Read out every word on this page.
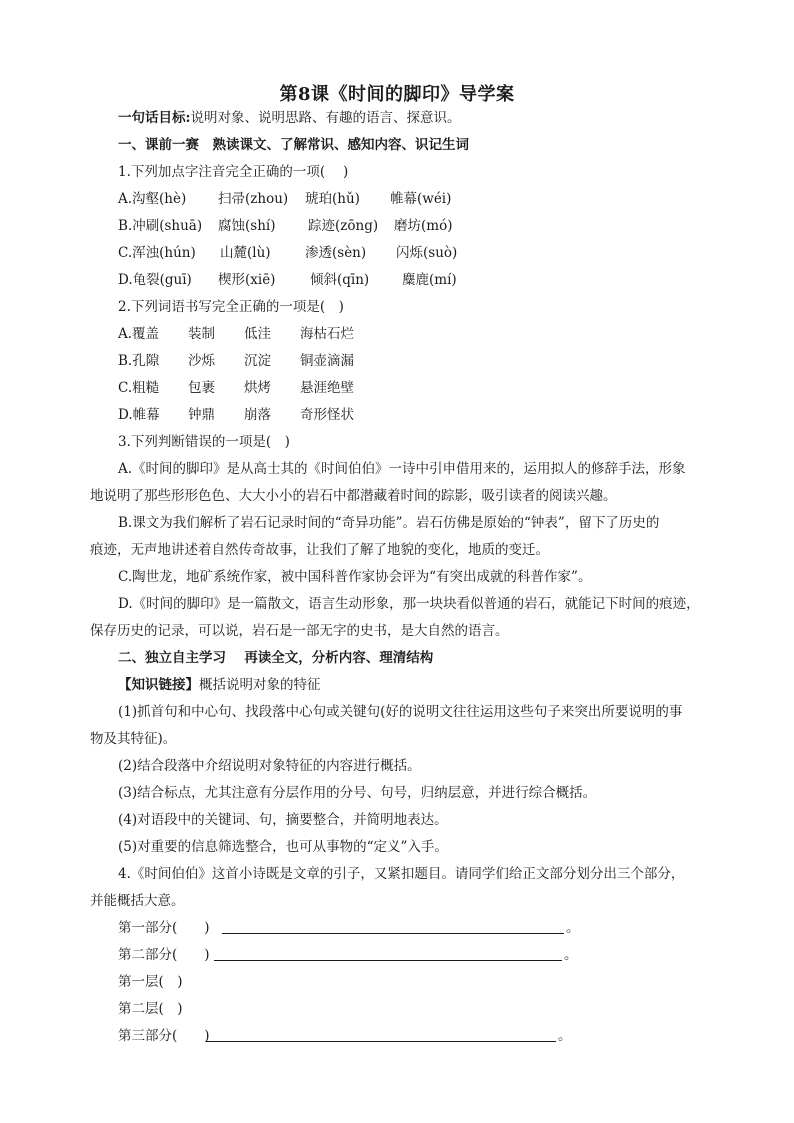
第8课《时间的脚印》导学案
一句话目标:说明对象、说明思路、有趣的语言、探意识。
一、课前一赛　熟读课文、了解常识、感知内容、识记生词
1.下列加点字注音完全正确的一项(　 )
A.沟壑(hè) 扫帚(zhou) 琥珀(hǔ) 帷幕(wéi)
B.冲刷(shuā) 腐蚀(shí) 踪迹(zōng) 磨坊(mó)
C.浑浊(hún) 山麓(lù)	渗透(sèn) 闪烁(suò)
D.龟裂(guī) 楔形(xiē)	倾斜(qīn) 麋鹿(mí)
2.下列词语书写完全正确的一项是(　)
A.覆盖 装制 低洼 海枯石烂
B.孔隙 沙烁 沉淀 铜壶滴漏
C.粗糙 包裹 烘烤 悬涯绝壁
D.帷幕 钟鼎 崩落 奇形怪状
3.下列判断错误的一项是(　)
A.《时间的脚印》是从高士其的《时间伯伯》一诗中引申借用来的，运用拟人的修辞手法，形象
地说明了那些形形色色、大大小小的岩石中都潜藏着时间的踪影，吸引读者的阅读兴趣。
B.课文为我们解析了岩石记录时间的“奇异功能”。岩石仿佛是原始的“钟表”，留下了历史的
痕迹，无声地讲述着自然传奇故事，让我们了解了地貌的变化，地质的变迁。
C.陶世龙，地矿系统作家，被中国科普作家协会评为“有突出成就的科普作家”。
D.《时间的脚印》是一篇散文，语言生动形象，那一块块看似普通的岩石，就能记下时间的痕迹，
保存历史的记录，可以说，岩石是一部无字的史书，是大自然的语言。
二、独立自主学习　 再读全文，分析内容、理清结构
【知识链接】概括说明对象的特征
(1)抓首句和中心句、找段落中心句或关键句(好的说明文往往运用这些句子来突出所要说明的事
物及其特征)。
(2)结合段落中介绍说明对象特征的内容进行概括。
(3)结合标点，尤其注意有分层作用的分号、句号，归纳层意，并进行综合概括。
(4)对语段中的关键词、句，摘要整合，并简明地表达。
(5)对重要的信息筛选整合，也可从事物的“定义”入手。
4.《时间伯伯》这首小诗既是文章的引子，又紧扣题目。请同学们给正文部分划分出三个部分，
并能概括大意。
第一部分(　　)	。
第二部分(　　)	。
第一层(　)
第二层(　)
第三部分(　　)	。
